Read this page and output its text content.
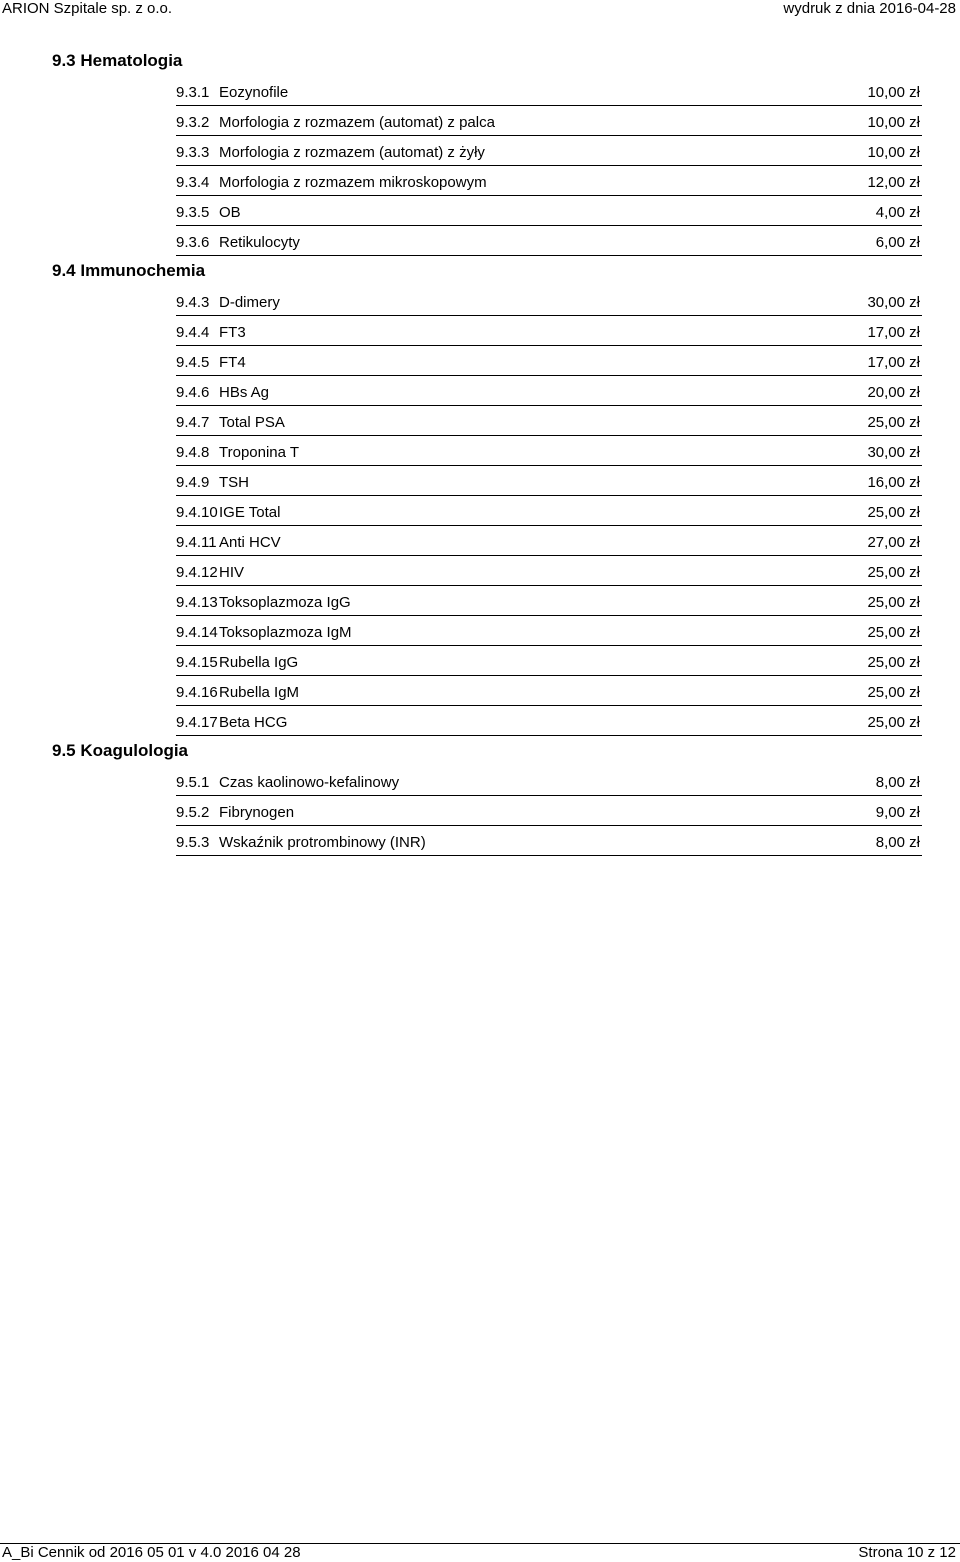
ARION Szpitale sp. z o.o.	wydruk z dnia 2016-04-28
9.3 Hematologia
9.3.1 Eozynofile	10,00 zł
9.3.2 Morfologia z rozmazem (automat) z palca	10,00 zł
9.3.3 Morfologia z rozmazem (automat) z żyły	10,00 zł
9.3.4 Morfologia z rozmazem mikroskopowym	12,00 zł
9.3.5 OB	4,00 zł
9.3.6 Retikulocyty	6,00 zł
9.4 Immunochemia
9.4.3 D-dimery	30,00 zł
9.4.4 FT3	17,00 zł
9.4.5 FT4	17,00 zł
9.4.6 HBs Ag	20,00 zł
9.4.7 Total PSA	25,00 zł
9.4.8 Troponina T	30,00 zł
9.4.9 TSH	16,00 zł
9.4.10 IGE Total	25,00 zł
9.4.11 Anti HCV	27,00 zł
9.4.12 HIV	25,00 zł
9.4.13 Toksoplazmoza IgG	25,00 zł
9.4.14 Toksoplazmoza IgM	25,00 zł
9.4.15 Rubella IgG	25,00 zł
9.4.16 Rubella IgM	25,00 zł
9.4.17 Beta HCG	25,00 zł
9.5 Koagulologia
9.5.1 Czas kaolinowo-kefalinowy	8,00 zł
9.5.2 Fibrynogen	9,00 zł
9.5.3 Wskaźnik protrombinowy (INR)	8,00 zł
A_Bi Cennik od 2016 05 01 v 4.0 2016 04 28	Strona 10 z 12
